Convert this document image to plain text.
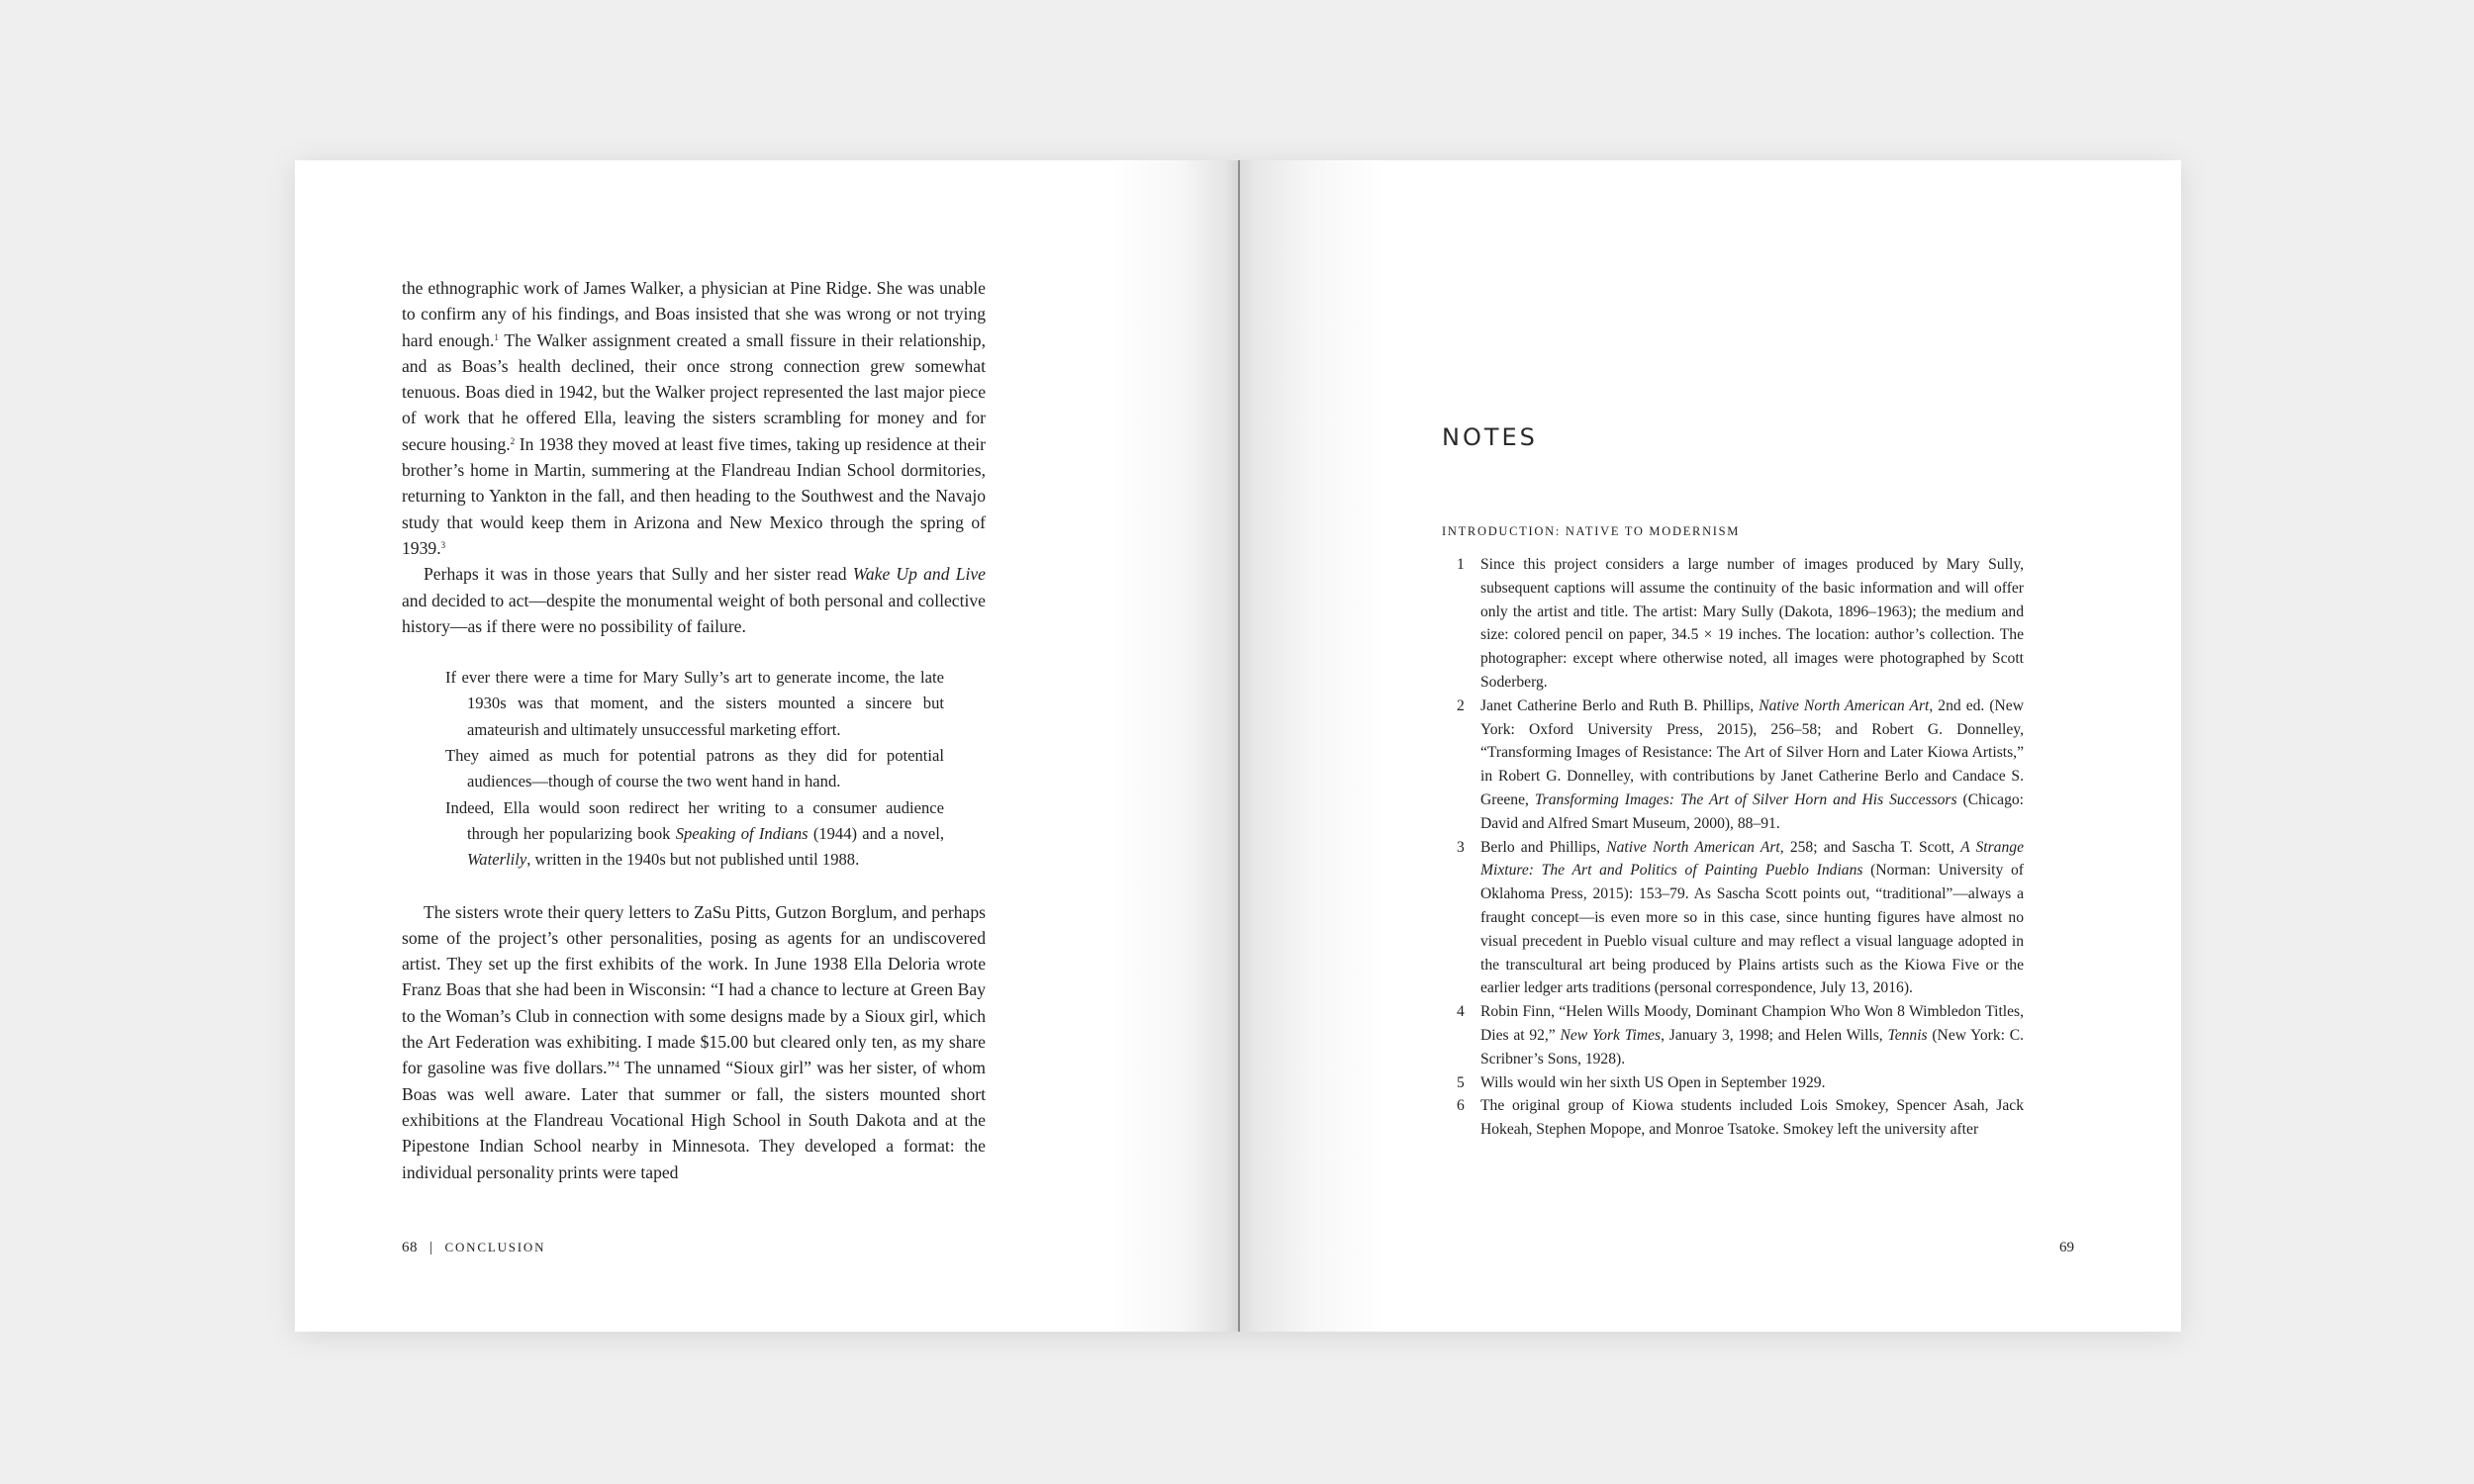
the ethnographic work of James Walker, a physician at Pine Ridge. She was unable to confirm any of his findings, and Boas insisted that she was wrong or not trying hard enough.$^1$ The Walker assignment created a small fissure in their relationship, and as Boas’s health declined, their once strong connection grew somewhat tenuous. Boas died in 1942, but the Walker project represented the last major piece of work that he offered Ella, leaving the sisters scrambling for money and for secure housing.$^2$ In 1938 they moved at least five times, taking up residence at their brother’s home in Martin, summering at the Flandreau Indian School dormitories, returning to Yankton in the fall, and then heading to the Southwest and the Navajo study that would keep them in Arizona and New Mexico through the spring of 1939.$^3$

Perhaps it was in those years that Sully and her sister read Wake Up and Live and decided to act—despite the monumental weight of both personal and collective history—as if there were no possibility of failure.

If ever there were a time for Mary Sully’s art to generate income, the late 1930s was that moment, and the sisters mounted a sincere but amateurish and ultimately unsuccessful marketing effort.

They aimed as much for potential patrons as they did for potential audiences—though of course the two went hand in hand.

Indeed, Ella would soon redirect her writing to a consumer audience through her popularizing book Speaking of Indians (1944) and a novel, Waterlily, written in the 1940s but not published until 1988.

The sisters wrote their query letters to ZaSu Pitts, Gutzon Borglum, and perhaps some of the project’s other personalities, posing as agents for an undiscovered artist. They set up the first exhibits of the work. In June 1938 Ella Deloria wrote Franz Boas that she had been in Wisconsin: “I had a chance to lecture at Green Bay to the Woman’s Club in connection with some designs made by a Sioux girl, which the Art Federation was exhibiting. I made $15.00 but cleared only ten, as my share for gasoline was five dollars.”$^4$ The unnamed “Sioux girl” was her sister, of whom Boas was well aware. Later that summer or fall, the sisters mounted short exhibitions at the Flandreau Vocational High School in South Dakota and at the Pipestone Indian School nearby in Minnesota. They developed a format: the individual personality prints were taped

68 | CONCLUSION
NOTES
INTRODUCTION: NATIVE TO MODERNISM
1 Since this project considers a large number of images produced by Mary Sully, subsequent captions will assume the continuity of the basic information and will offer only the artist and title. The artist: Mary Sully (Dakota, 1896–1963); the medium and size: colored pencil on paper, 34.5 × 19 inches. The location: author’s collection. The photographer: except where otherwise noted, all images were photographed by Scott Soderberg.
2 Janet Catherine Berlo and Ruth B. Phillips, Native North American Art, 2nd ed. (New York: Oxford University Press, 2015), 256–58; and Robert G. Donnelley, “Transforming Images of Resistance: The Art of Silver Horn and Later Kiowa Artists,” in Robert G. Donnelley, with contributions by Janet Catherine Berlo and Candace S. Greene, Transforming Images: The Art of Silver Horn and His Successors (Chicago: David and Alfred Smart Museum, 2000), 88–91.
3 Berlo and Phillips, Native North American Art, 258; and Sascha T. Scott, A Strange Mixture: The Art and Politics of Painting Pueblo Indians (Norman: University of Oklahoma Press, 2015): 153–79. As Sascha Scott points out, “traditional”—always a fraught concept—is even more so in this case, since hunting figures have almost no visual precedent in Pueblo visual culture and may reflect a visual language adopted in the transcultural art being produced by Plains artists such as the Kiowa Five or the earlier ledger arts traditions (personal correspondence, July 13, 2016).
4 Robin Finn, “Helen Wills Moody, Dominant Champion Who Won 8 Wimbledon Titles, Dies at 92,” New York Times, January 3, 1998; and Helen Wills, Tennis (New York: C. Scribner’s Sons, 1928).
5 Wills would win her sixth US Open in September 1929.
6 The original group of Kiowa students included Lois Smokey, Spencer Asah, Jack Hokeah, Stephen Mopope, and Monroe Tsatoke. Smokey left the university after
69
